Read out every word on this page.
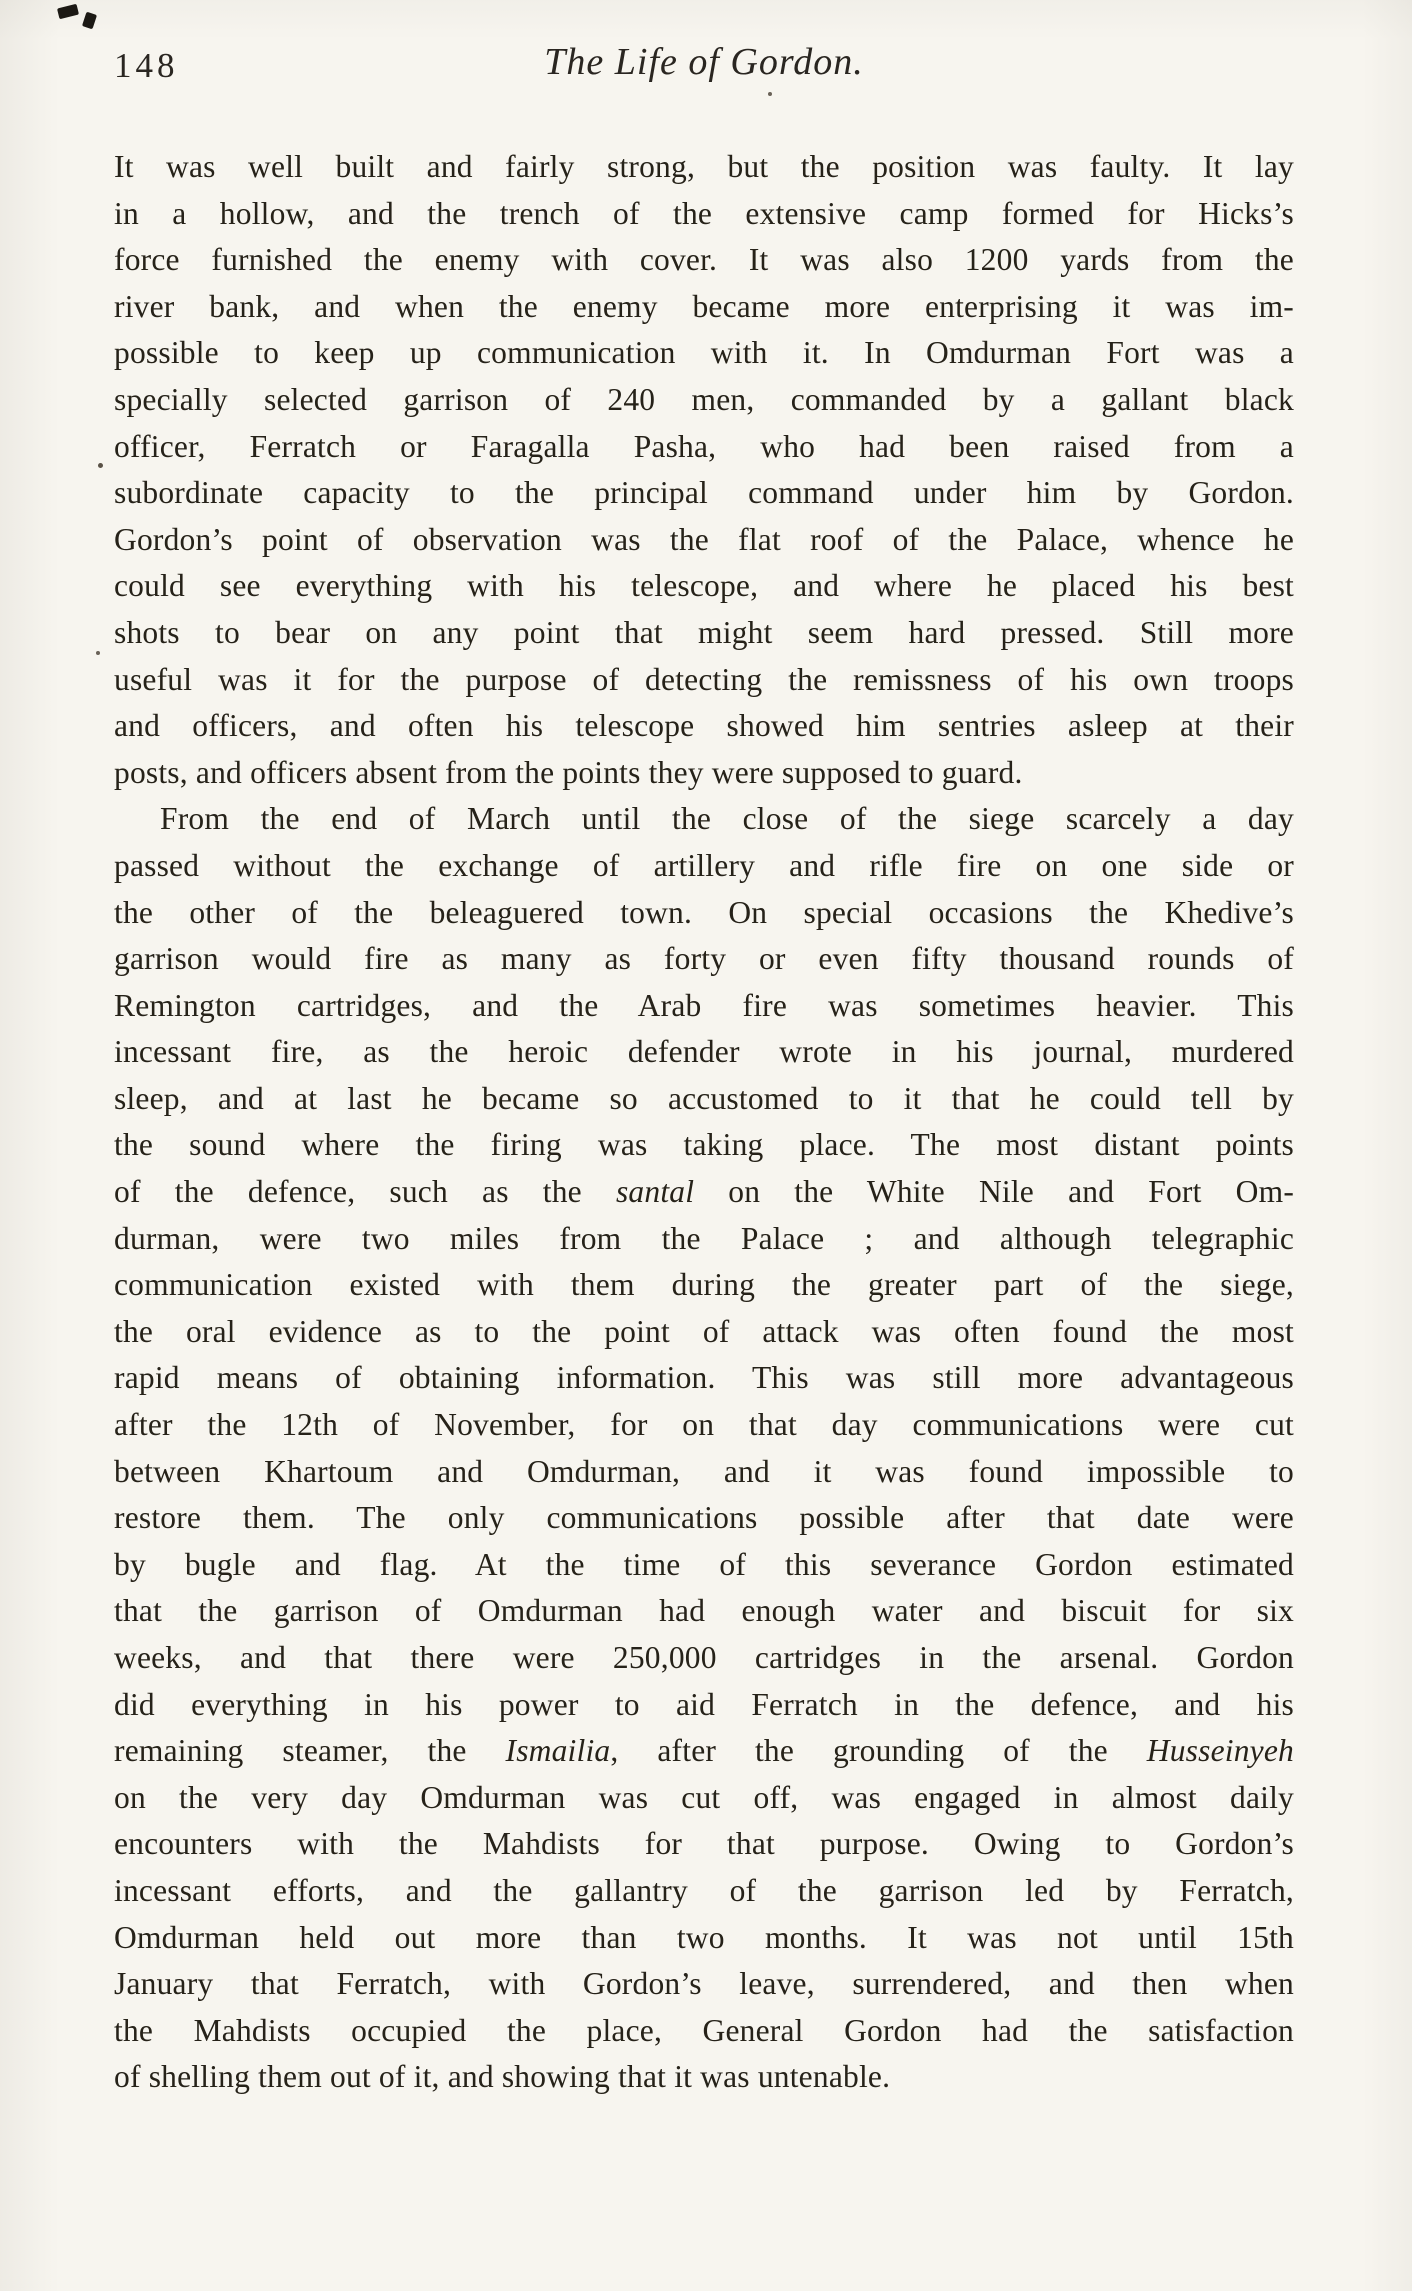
148	The Life of Gordon.
It was well built and fairly strong, but the position was faulty. It lay
in a hollow, and the trench of the extensive camp formed for Hicks’s
force furnished the enemy with cover. It was also 1200 yards from the
river bank, and when the enemy became more enterprising it was im-
possible to keep up communication with it. In Omdurman Fort was a
specially selected garrison of 240 men, commanded by a gallant black
officer, Ferratch or Faragalla Pasha, who had been raised from a
subordinate capacity to the principal command under him by Gordon.
Gordon’s point of observation was the flat roof of the Palace, whence he
could see everything with his telescope, and where he placed his best
shots to bear on any point that might seem hard pressed. Still more
useful was it for the purpose of detecting the remissness of his own troops
and officers, and often his telescope showed him sentries asleep at their
posts, and officers absent from the points they were supposed to guard.
From the end of March until the close of the siege scarcely a day
passed without the exchange of artillery and rifle fire on one side or
the other of the beleaguered town. On special occasions the Khedive’s
garrison would fire as many as forty or even fifty thousand rounds of
Remington cartridges, and the Arab fire was sometimes heavier. This
incessant fire, as the heroic defender wrote in his journal, murdered
sleep, and at last he became so accustomed to it that he could tell by
the sound where the firing was taking place. The most distant points
of the defence, such as the santal on the White Nile and Fort Om-
durman, were two miles from the Palace ; and although telegraphic
communication existed with them during the greater part of the siege,
the oral evidence as to the point of attack was often found the most
rapid means of obtaining information. This was still more advantageous
after the 12th of November, for on that day communications were cut
between Khartoum and Omdurman, and it was found impossible to
restore them. The only communications possible after that date were
by bugle and flag. At the time of this severance Gordon estimated
that the garrison of Omdurman had enough water and biscuit for six
weeks, and that there were 250,000 cartridges in the arsenal. Gordon
did everything in his power to aid Ferratch in the defence, and his
remaining steamer, the Ismailia, after the grounding of the Husseinyeh
on the very day Omdurman was cut off, was engaged in almost daily
encounters with the Mahdists for that purpose. Owing to Gordon’s
incessant efforts, and the gallantry of the garrison led by Ferratch,
Omdurman held out more than two months. It was not until 15th
January that Ferratch, with Gordon’s leave, surrendered, and then when
the Mahdists occupied the place, General Gordon had the satisfaction
of shelling them out of it, and showing that it was untenable.
